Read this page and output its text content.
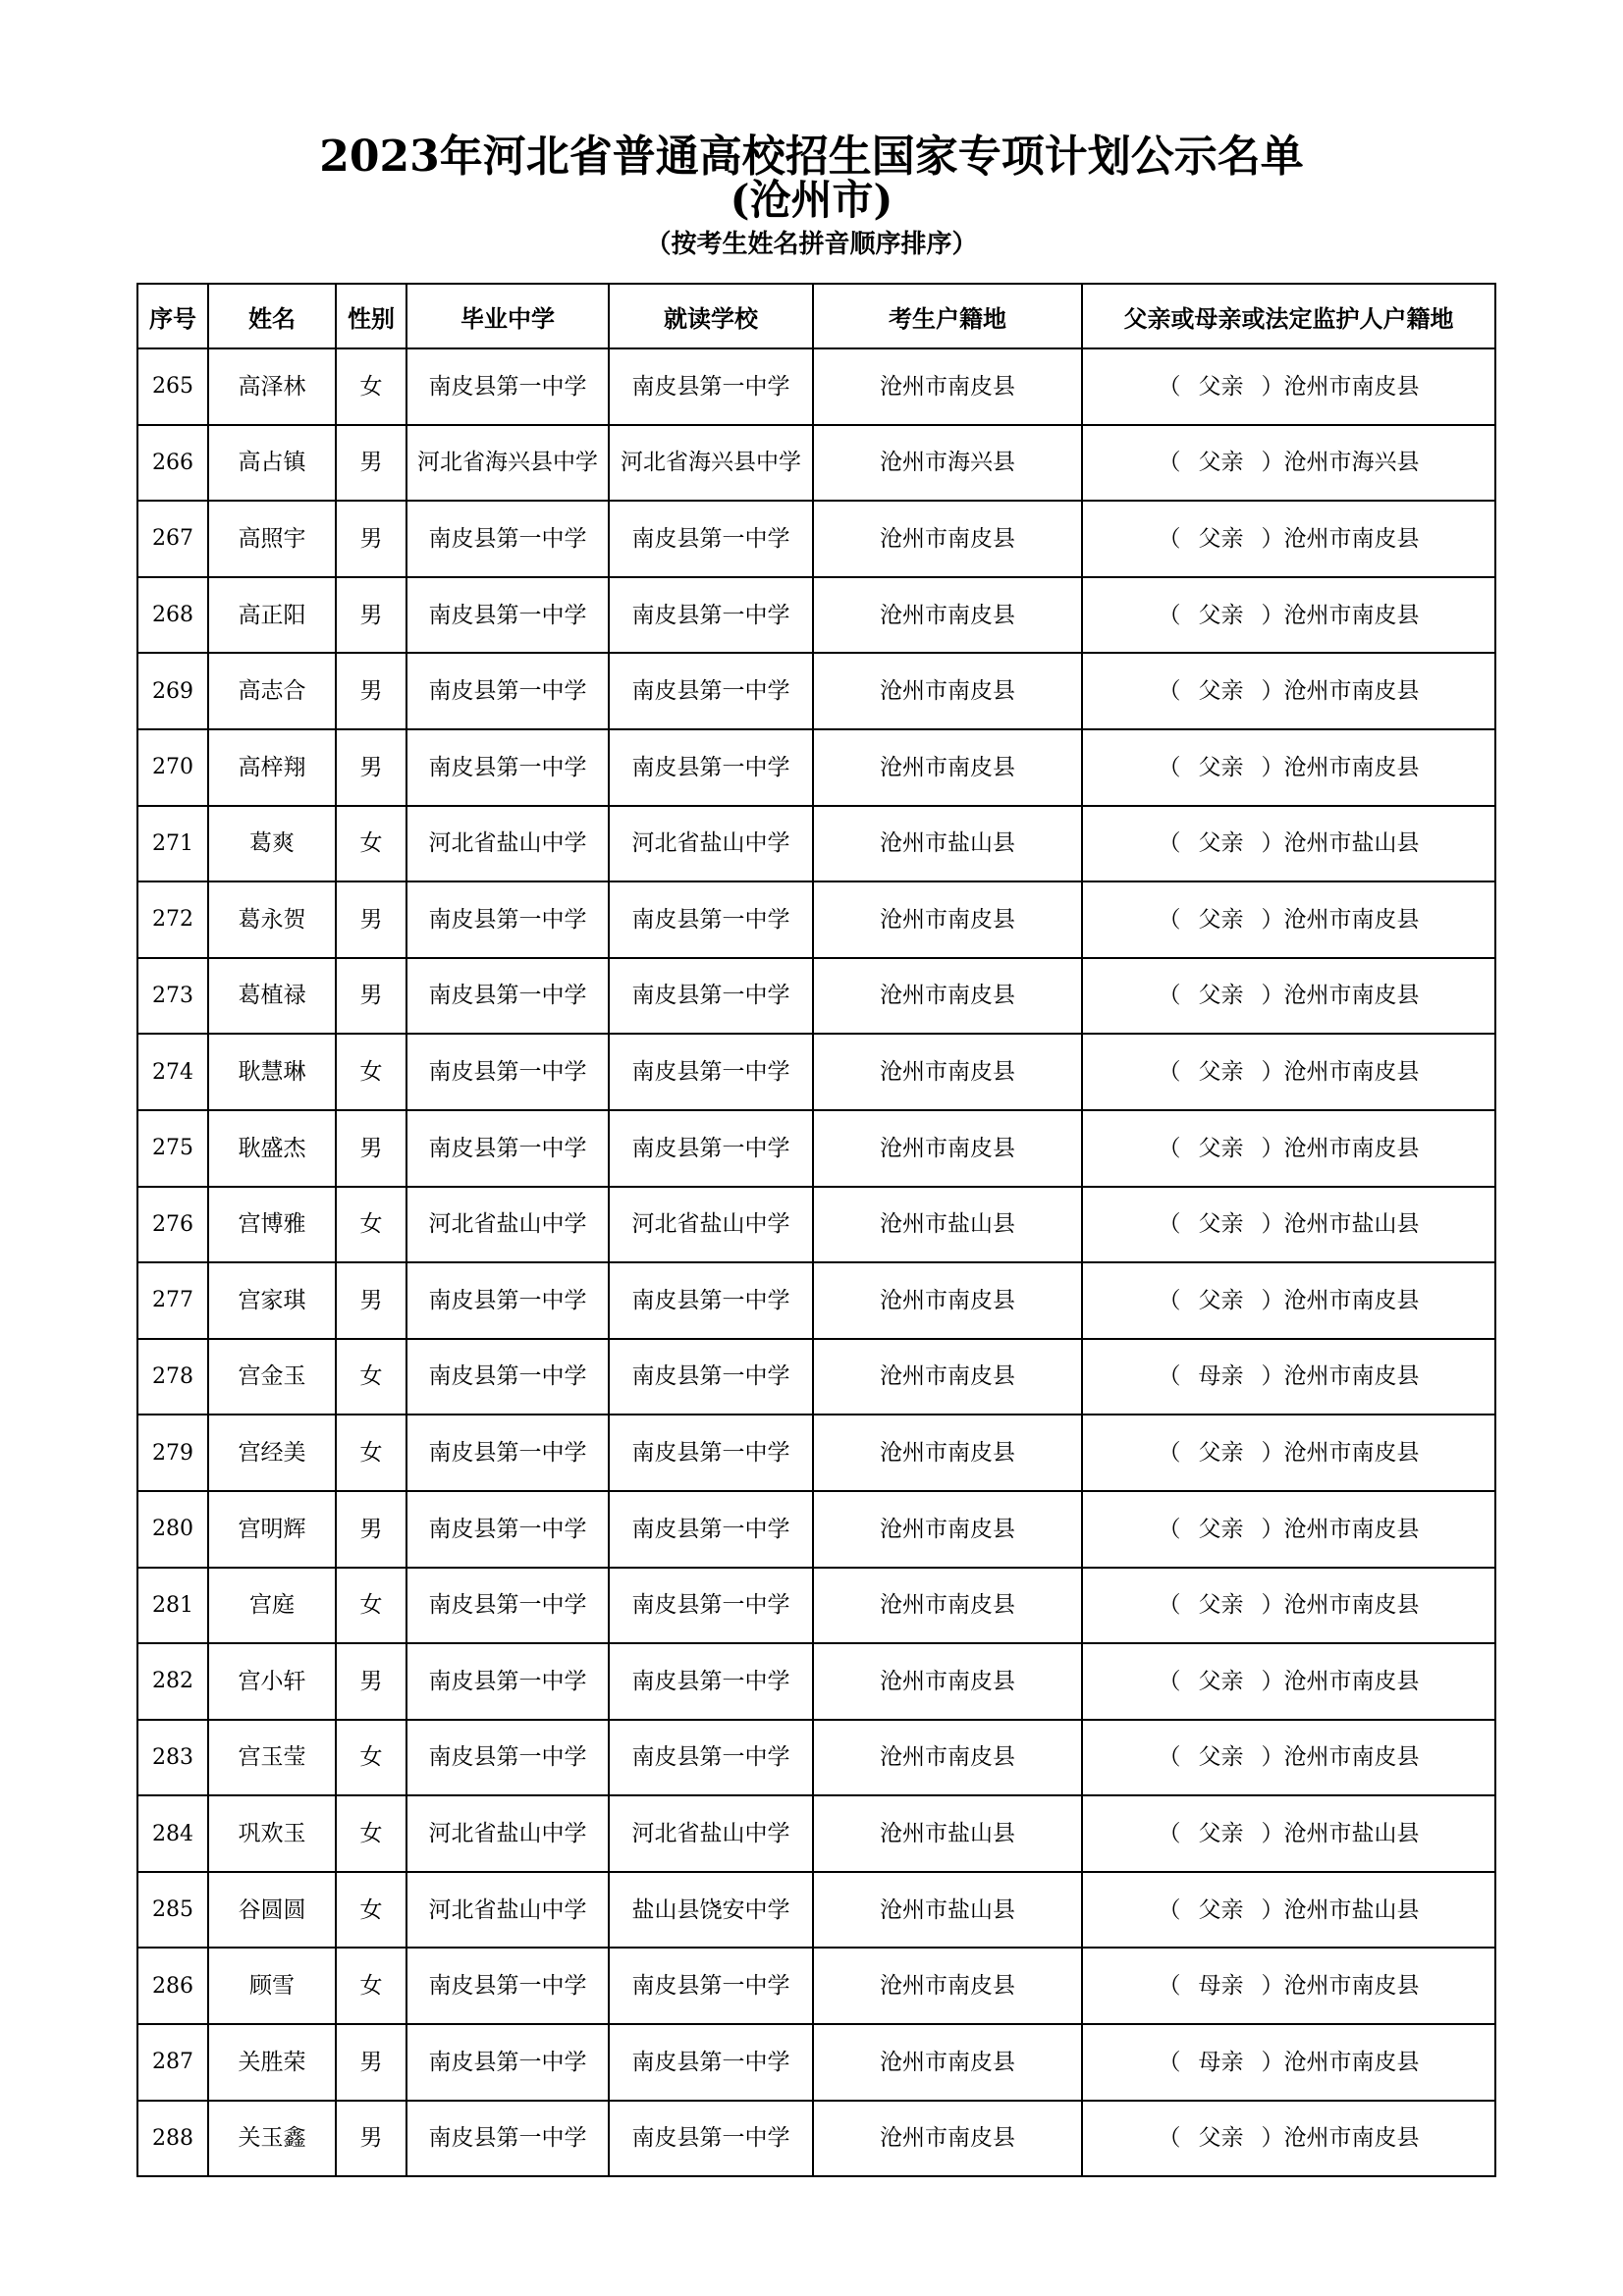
2023年河北省普通高校招生国家专项计划公示名单
(沧州市)
（按考生姓名拼音顺序排序）
序号	姓名	性别	毕业中学	就读学校	考生户籍地	父亲或母亲或法定监护人户籍地
265	高泽林	女	南皮县第一中学	南皮县第一中学	沧州市南皮县	（ 父亲 ）沧州市南皮县
266	高占镇	男	河北省海兴县中学	河北省海兴县中学	沧州市海兴县	（ 父亲 ）沧州市海兴县
267	高照宇	男	南皮县第一中学	南皮县第一中学	沧州市南皮县	（ 父亲 ）沧州市南皮县
268	高正阳	男	南皮县第一中学	南皮县第一中学	沧州市南皮县	（ 父亲 ）沧州市南皮县
269	高志合	男	南皮县第一中学	南皮县第一中学	沧州市南皮县	（ 父亲 ）沧州市南皮县
270	高梓翔	男	南皮县第一中学	南皮县第一中学	沧州市南皮县	（ 父亲 ）沧州市南皮县
271	葛爽	女	河北省盐山中学	河北省盐山中学	沧州市盐山县	（ 父亲 ）沧州市盐山县
272	葛永贺	男	南皮县第一中学	南皮县第一中学	沧州市南皮县	（ 父亲 ）沧州市南皮县
273	葛植禄	男	南皮县第一中学	南皮县第一中学	沧州市南皮县	（ 父亲 ）沧州市南皮县
274	耿慧琳	女	南皮县第一中学	南皮县第一中学	沧州市南皮县	（ 父亲 ）沧州市南皮县
275	耿盛杰	男	南皮县第一中学	南皮县第一中学	沧州市南皮县	（ 父亲 ）沧州市南皮县
276	宫博雅	女	河北省盐山中学	河北省盐山中学	沧州市盐山县	（ 父亲 ）沧州市盐山县
277	宫家琪	男	南皮县第一中学	南皮县第一中学	沧州市南皮县	（ 父亲 ）沧州市南皮县
278	宫金玉	女	南皮县第一中学	南皮县第一中学	沧州市南皮县	（ 母亲 ）沧州市南皮县
279	宫经美	女	南皮县第一中学	南皮县第一中学	沧州市南皮县	（ 父亲 ）沧州市南皮县
280	宫明辉	男	南皮县第一中学	南皮县第一中学	沧州市南皮县	（ 父亲 ）沧州市南皮县
281	宫庭	女	南皮县第一中学	南皮县第一中学	沧州市南皮县	（ 父亲 ）沧州市南皮县
282	宫小轩	男	南皮县第一中学	南皮县第一中学	沧州市南皮县	（ 父亲 ）沧州市南皮县
283	宫玉莹	女	南皮县第一中学	南皮县第一中学	沧州市南皮县	（ 父亲 ）沧州市南皮县
284	巩欢玉	女	河北省盐山中学	河北省盐山中学	沧州市盐山县	（ 父亲 ）沧州市盐山县
285	谷圆圆	女	河北省盐山中学	盐山县饶安中学	沧州市盐山县	（ 父亲 ）沧州市盐山县
286	顾雪	女	南皮县第一中学	南皮县第一中学	沧州市南皮县	（ 母亲 ）沧州市南皮县
287	关胜荣	男	南皮县第一中学	南皮县第一中学	沧州市南皮县	（ 母亲 ）沧州市南皮县
288	关玉鑫	男	南皮县第一中学	南皮县第一中学	沧州市南皮县	（ 父亲 ）沧州市南皮县
